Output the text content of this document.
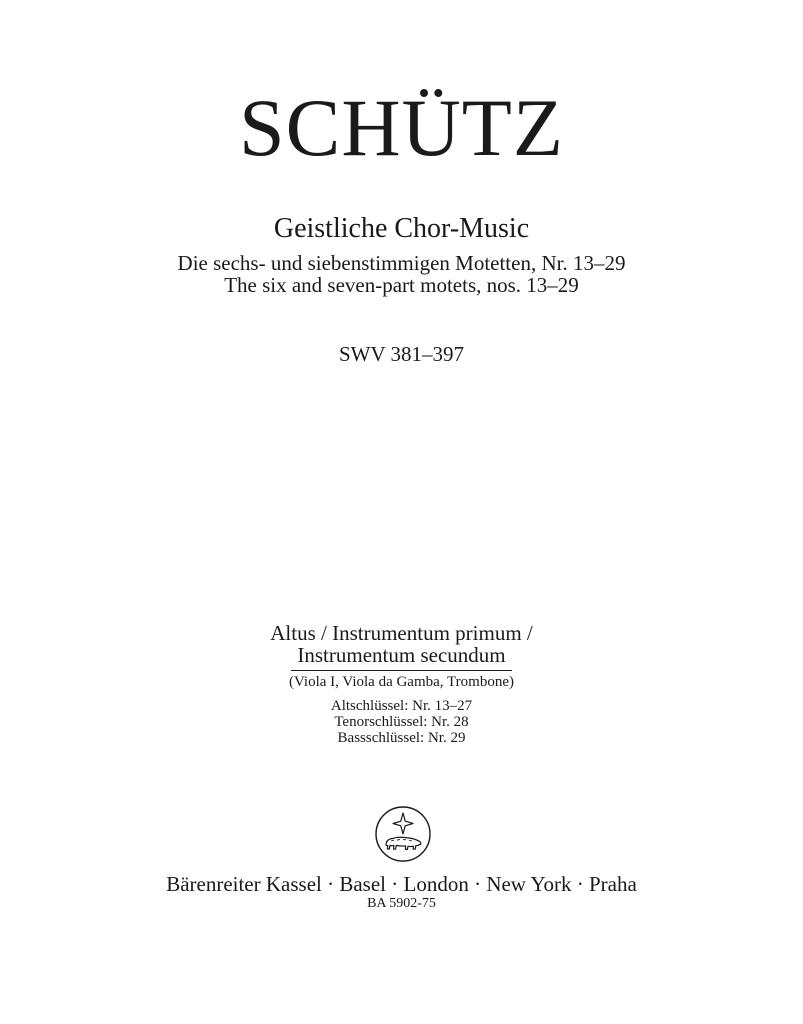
SCHÜTZ
Geistliche Chor-Music
Die sechs- und siebenstimmigen Motetten, Nr. 13–29
The six and seven-part motets, nos. 13–29
SWV 381–397
Altus / Instrumentum primum /
Instrumentum secundum
(Viola I, Viola da Gamba, Trombone)
Altschlüssel: Nr. 13–27
Tenorschlüssel: Nr. 28
Bassschlüssel: Nr. 29
Bärenreiter Kassel · Basel · London · New York · Praha
BA 5902-75
